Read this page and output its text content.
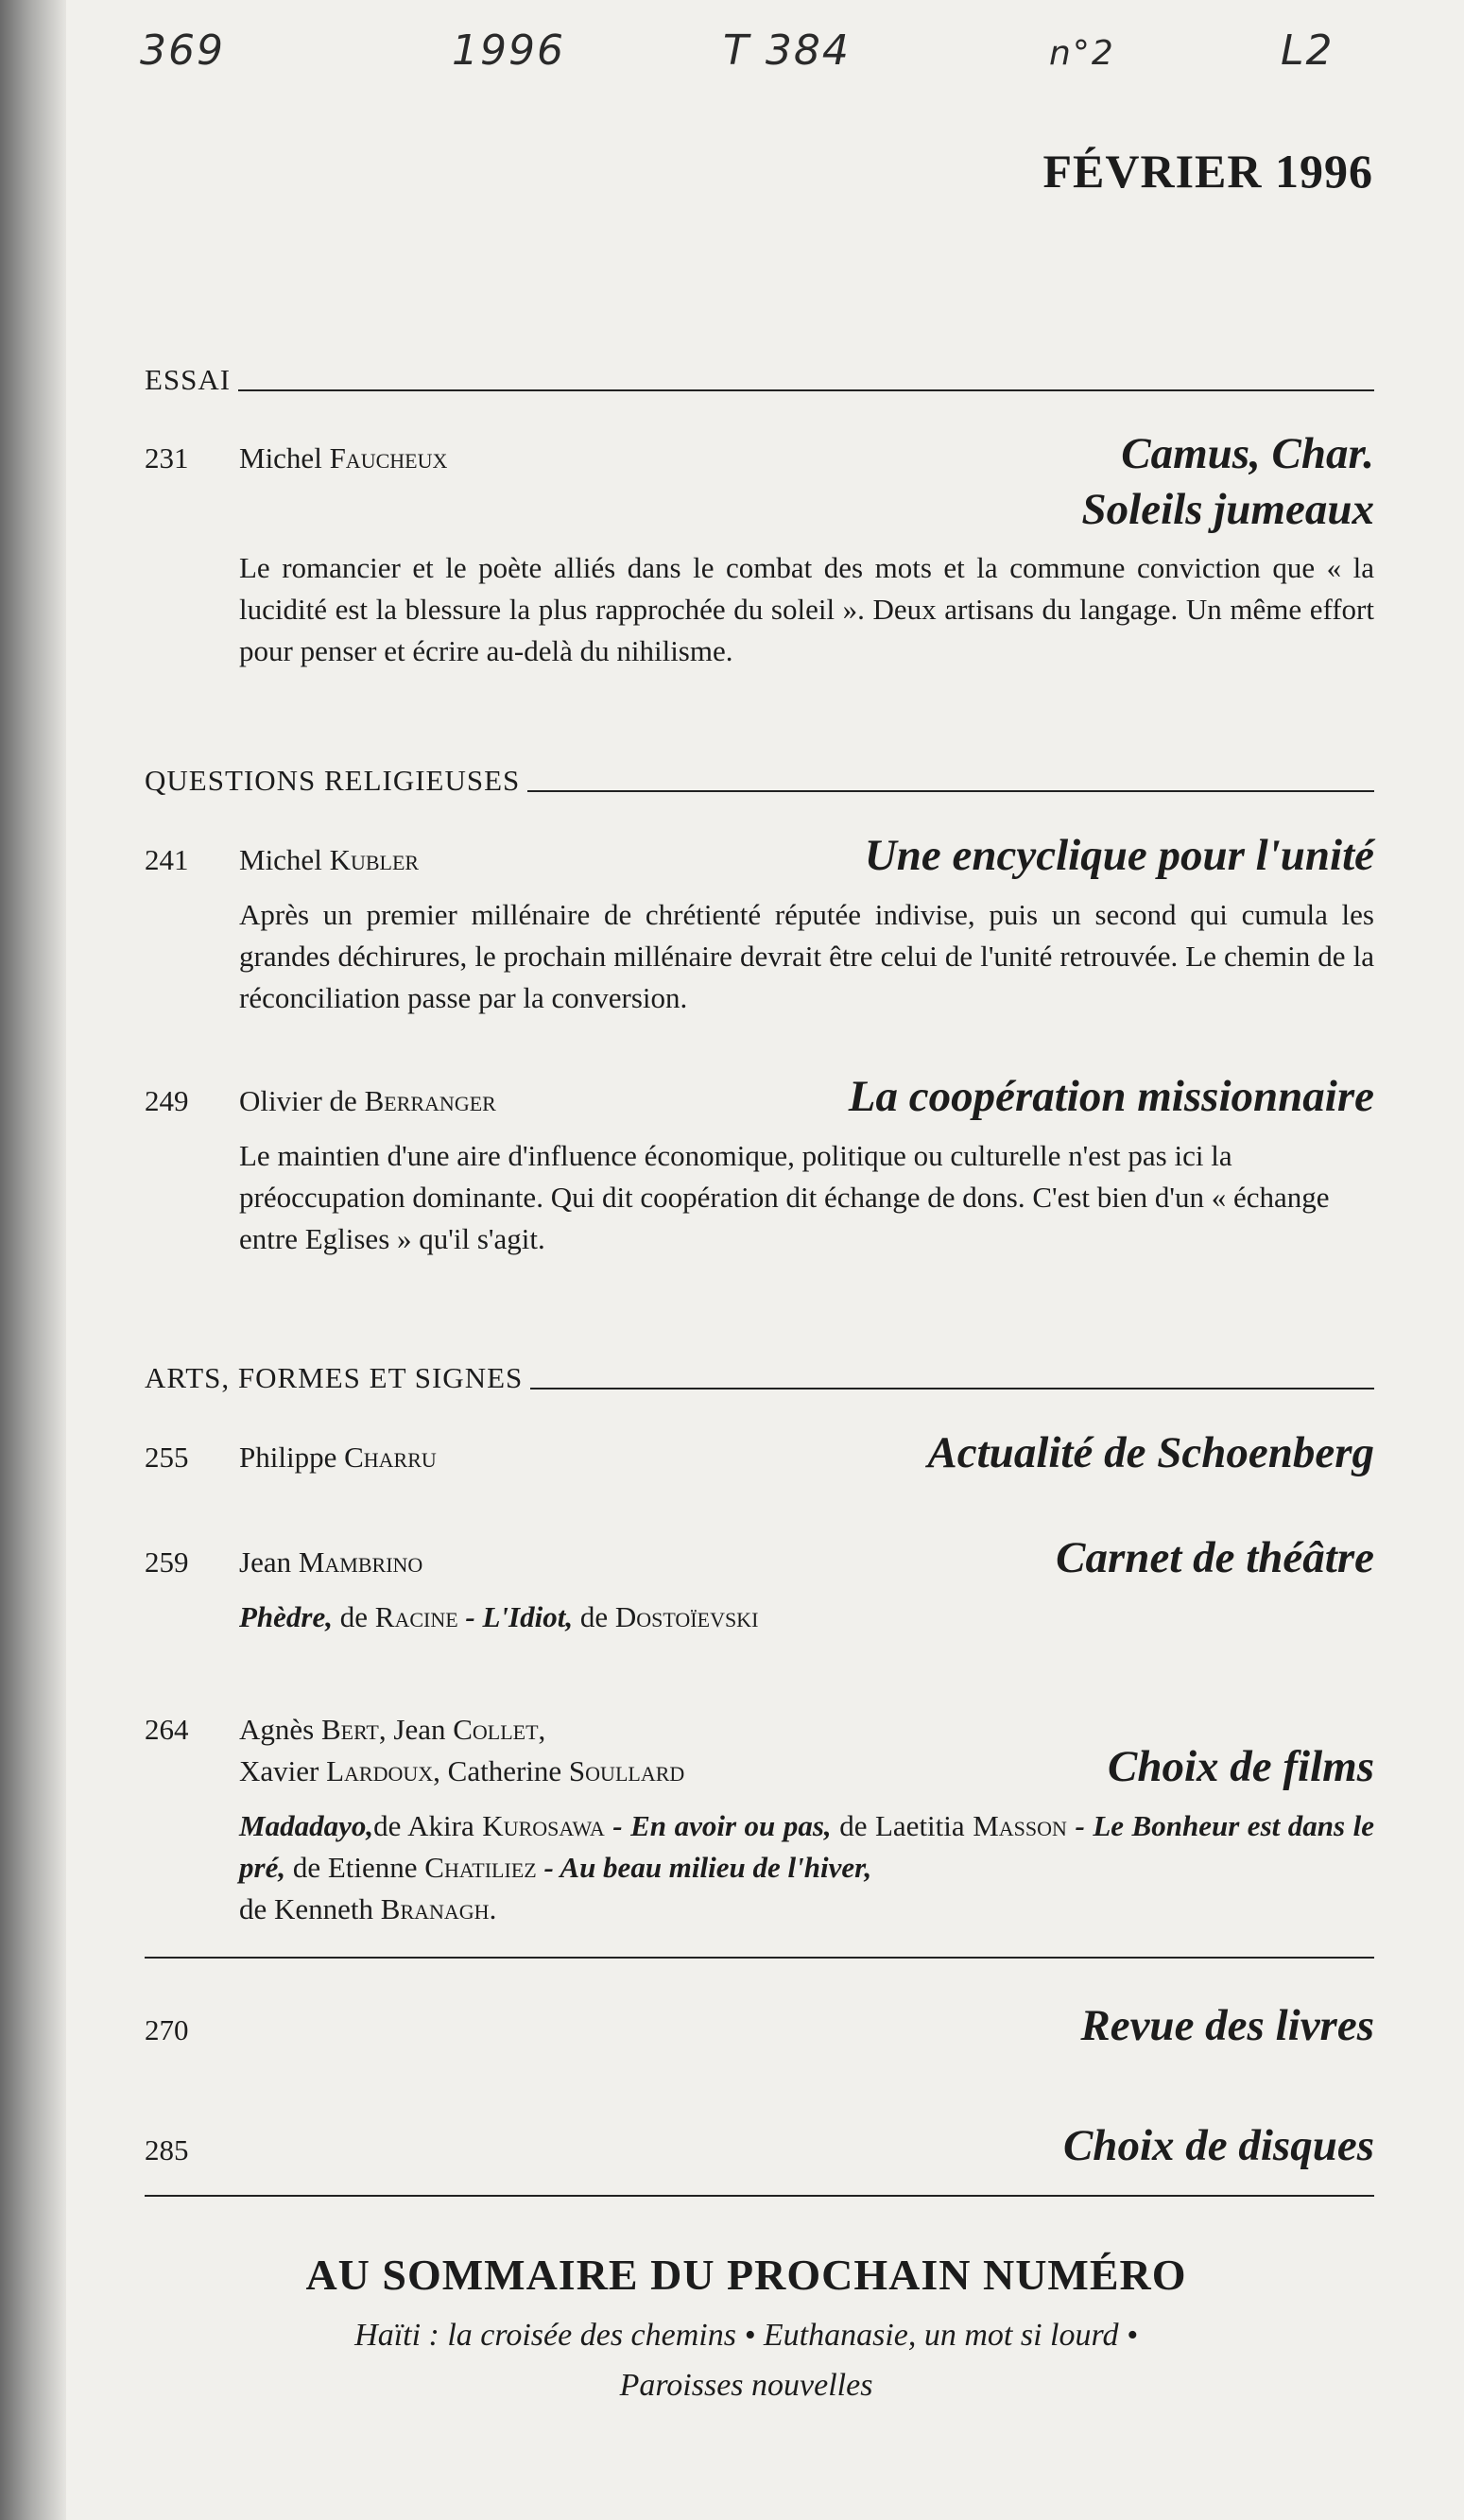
369	1996	T 384	n°2	L2
FÉVRIER 1996
ESSAI
231 Michel Faucheux	Camus, Char.
Soleils jumeaux
Le romancier et le poète alliés dans le combat des mots et la commune conviction que « la lucidité est la blessure la plus rapprochée du soleil ». Deux artisans du langage. Un même effort pour penser et écrire au-delà du nihilisme.
QUESTIONS RELIGIEUSES
241 Michel Kubler	Une encyclique pour l'unité
Après un premier millénaire de chrétienté réputée indivise, puis un second qui cumula les grandes déchirures, le prochain millénaire devrait être celui de l'unité retrouvée. Le chemin de la réconciliation passe par la conversion.
249 Olivier de Berranger	La coopération missionnaire
Le maintien d'une aire d'influence économique, politique ou culturelle n'est pas ici la préoccupation dominante. Qui dit coopération dit échange de dons. C'est bien d'un « échange entre Eglises » qu'il s'agit.
ARTS, FORMES ET SIGNES
255 Philippe Charru	Actualité de Schoenberg
259 Jean Mambrino	Carnet de théâtre
Phèdre, de Racine - L'Idiot, de Dostoïevski
264 Agnès Bert, Jean Collet,
Xavier Lardoux, Catherine Soullard	Choix de films
Madadayo,de Akira Kurosawa - En avoir ou pas, de Laetitia Masson - Le Bonheur est dans le pré, de Etienne Chatiliez - Au beau milieu de l'hiver,
de Kenneth Branagh.
270	Revue des livres
285	Choix de disques
AU SOMMAIRE DU PROCHAIN NUMÉRO
Haïti : la croisée des chemins • Euthanasie, un mot si lourd •
Paroisses nouvelles
